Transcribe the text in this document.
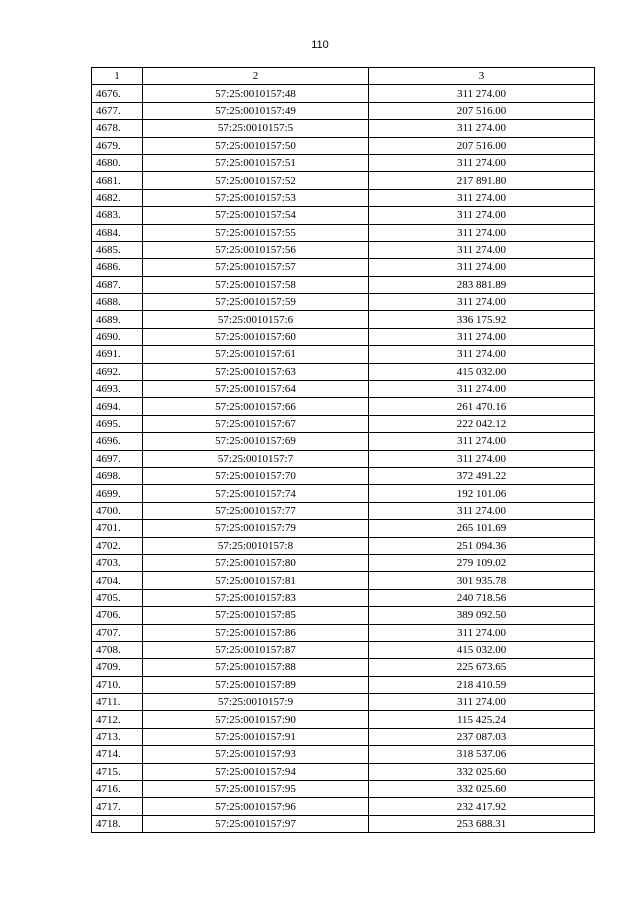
110
1	2	3
4676.	57:25:0010157:48	311 274.00
4677.	57:25:0010157:49	207 516.00
4678.	57:25:0010157:5	311 274.00
4679.	57:25:0010157:50	207 516.00
4680.	57:25:0010157:51	311 274.00
4681.	57:25:0010157:52	217 891.80
4682.	57:25:0010157:53	311 274.00
4683.	57:25:0010157:54	311 274.00
4684.	57:25:0010157:55	311 274.00
4685.	57:25:0010157:56	311 274.00
4686.	57:25:0010157:57	311 274.00
4687.	57:25:0010157:58	283 881.89
4688.	57:25:0010157:59	311 274.00
4689.	57:25:0010157:6	336 175.92
4690.	57:25:0010157:60	311 274.00
4691.	57:25:0010157:61	311 274.00
4692.	57:25:0010157:63	415 032.00
4693.	57:25:0010157:64	311 274.00
4694.	57:25:0010157:66	261 470.16
4695.	57:25:0010157:67	222 042.12
4696.	57:25:0010157:69	311 274.00
4697.	57:25:0010157:7	311 274.00
4698.	57:25:0010157:70	372 491.22
4699.	57:25:0010157:74	192 101.06
4700.	57:25:0010157:77	311 274.00
4701.	57:25:0010157:79	265 101.69
4702.	57:25:0010157:8	251 094.36
4703.	57:25:0010157:80	279 109.02
4704.	57:25:0010157:81	301 935.78
4705.	57:25:0010157:83	240 718.56
4706.	57:25:0010157:85	389 092.50
4707.	57:25:0010157:86	311 274.00
4708.	57:25:0010157:87	415 032.00
4709.	57:25:0010157:88	225 673.65
4710.	57:25:0010157:89	218 410.59
4711.	57:25:0010157:9	311 274.00
4712.	57:25:0010157:90	115 425.24
4713.	57:25:0010157:91	237 087.03
4714.	57:25:0010157:93	318 537.06
4715.	57:25:0010157:94	332 025.60
4716.	57:25:0010157:95	332 025.60
4717.	57:25:0010157:96	232 417.92
4718.	57:25:0010157:97	253 688.31
